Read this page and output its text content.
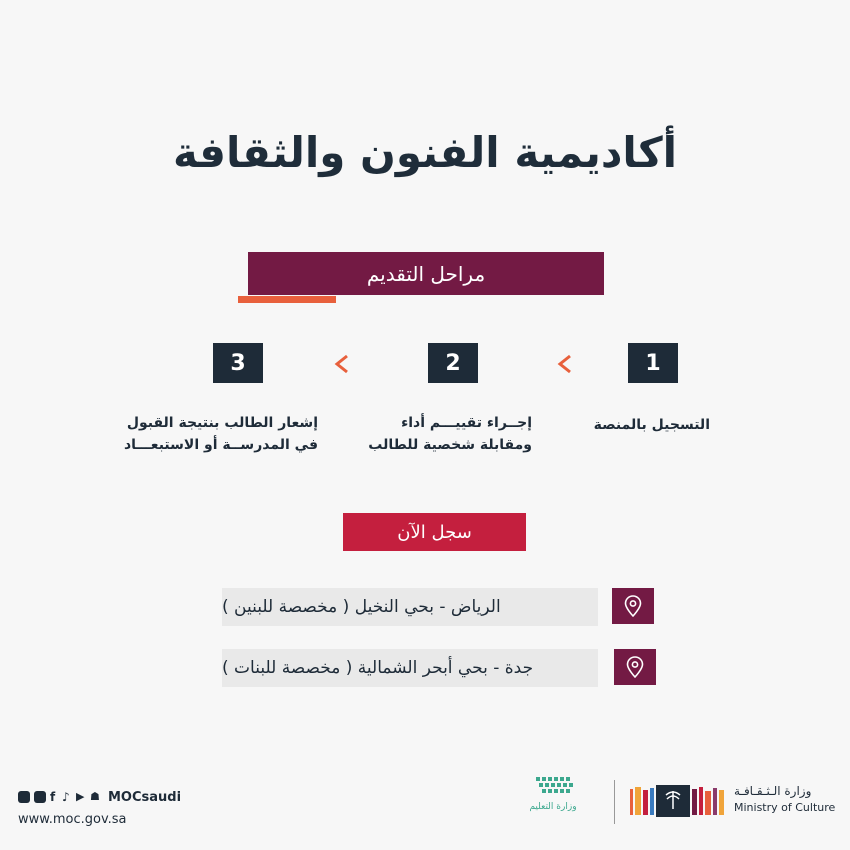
أكاديمية الفنون والثقافة
مراحل التقديم
1
التسجيل بالمنصة
2
إجــراء تقييـــم أداء
ومقابلة شخصية للطالب
3
إشعار الطالب بنتيجة القبول
في المدرســة أو الاستبعـــاد
سجل الآن
الرياض - بحي النخيل ( مخصصة للبنين )
جدة - بحي أبحر الشمالية ( مخصصة للبنات )
f ♪ ▶ ☗ MOCsaudi
www.moc.gov.sa
وزارة التعليم
وزارة الـثـقـافـة
Ministry of Culture
